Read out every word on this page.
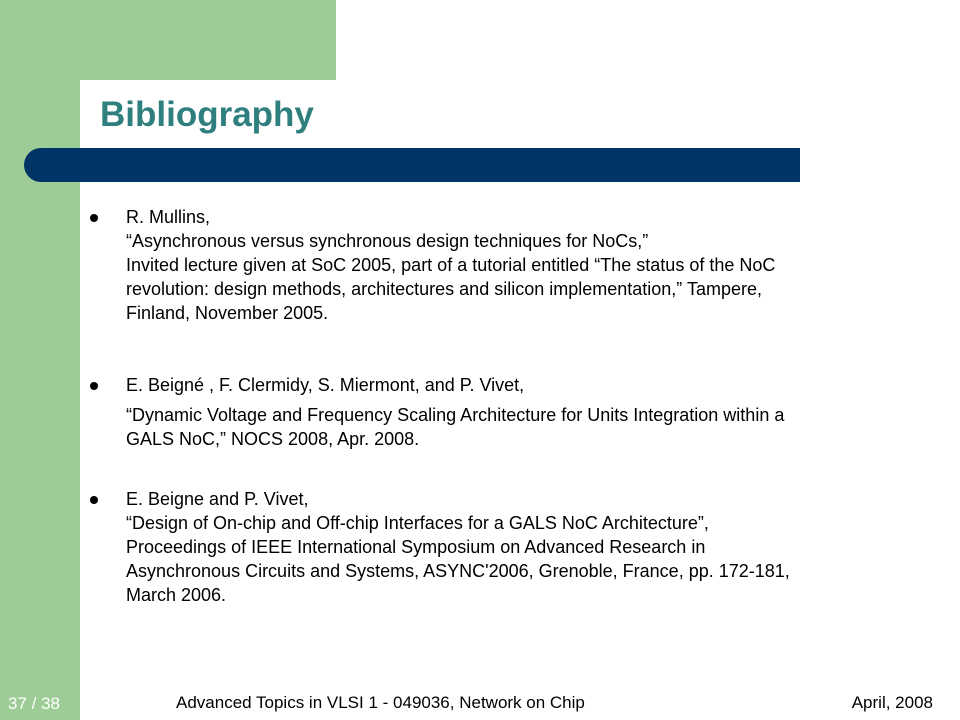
Bibliography
R. Mullins,
“Asynchronous versus synchronous design techniques for NoCs,”
Invited lecture given at SoC 2005, part of a tutorial entitled “The status of the NoC
revolution: design methods, architectures and silicon implementation,” Tampere,
Finland, November 2005.
E. Beigné , F. Clermidy, S. Miermont, and P. Vivet,
“Dynamic Voltage and Frequency Scaling Architecture for Units Integration within a
GALS NoC,” NOCS 2008, Apr. 2008.
E. Beigne and P. Vivet,
“Design of On-chip and Off-chip Interfaces for a GALS NoC Architecture”,
Proceedings of IEEE International Symposium on Advanced Research in
Asynchronous Circuits and Systems, ASYNC'2006, Grenoble, France, pp. 172-181,
March 2006.
37 / 38	Advanced Topics in VLSI 1 - 049036, Network on Chip	April, 2008
